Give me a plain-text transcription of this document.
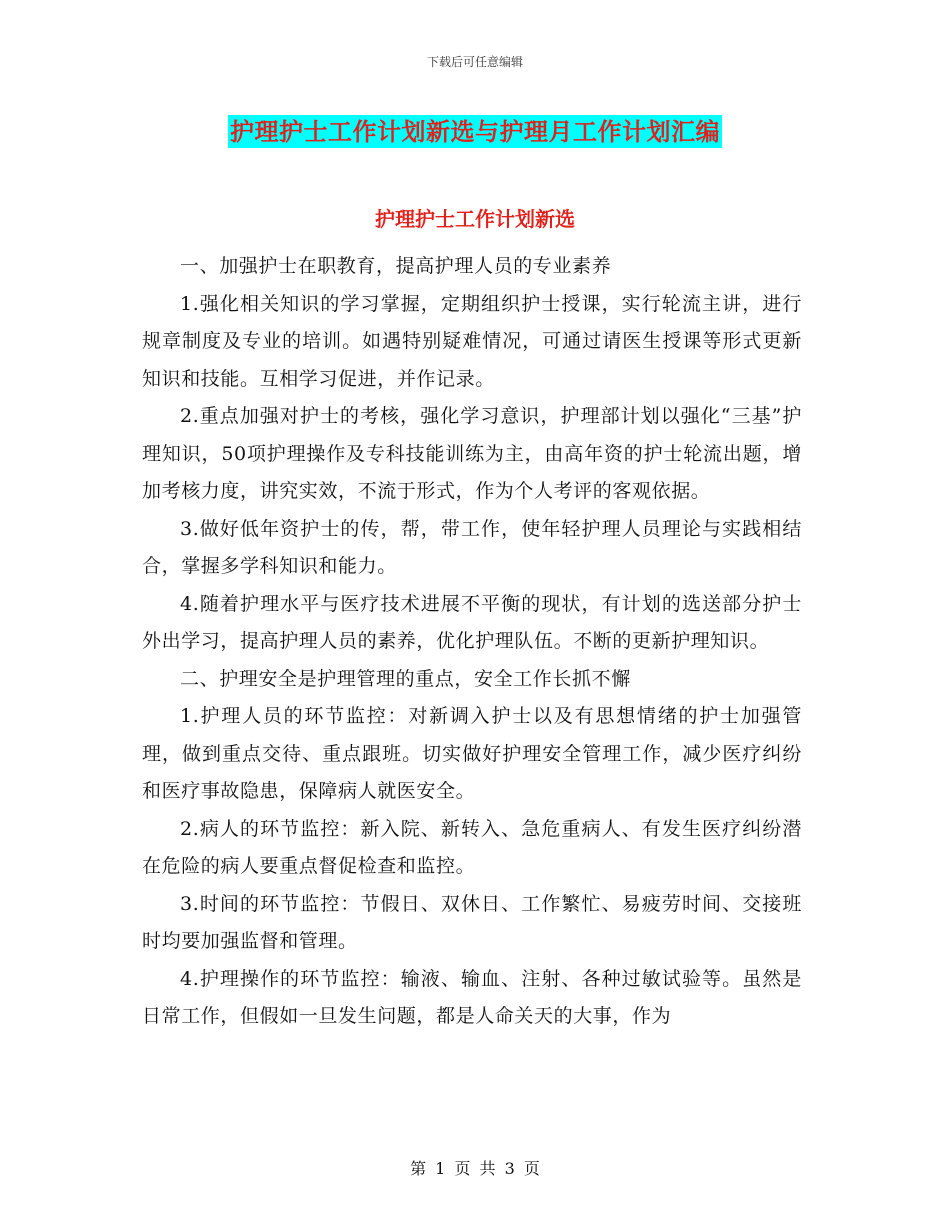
下载后可任意编辑
护理护士工作计划新选与护理月工作计划汇编
护理护士工作计划新选

一、加强护士在职教育，提高护理人员的专业素养

1.强化相关知识的学习掌握，定期组织护士授课，实行轮流主讲，进行规章制度及专业的培训。如遇特别疑难情况，可通过请医生授课等形式更新知识和技能。互相学习促进，并作记录。

2.重点加强对护士的考核，强化学习意识，护理部计划以强化“三基”护理知识，50项护理操作及专科技能训练为主，由高年资的护士轮流出题，增加考核力度，讲究实效，不流于形式，作为个人考评的客观依据。

3.做好低年资护士的传，帮，带工作，使年轻护理人员理论与实践相结合，掌握多学科知识和能力。

4.随着护理水平与医疗技术进展不平衡的现状，有计划的选送部分护士外出学习，提高护理人员的素养，优化护理队伍。不断的更新护理知识。

二、护理安全是护理管理的重点，安全工作长抓不懈

1.护理人员的环节监控：对新调入护士以及有思想情绪的护士加强管理，做到重点交待、重点跟班。切实做好护理安全管理工作，减少医疗纠纷和医疗事故隐患，保障病人就医安全。

2.病人的环节监控：新入院、新转入、急危重病人、有发生医疗纠纷潜在危险的病人要重点督促检查和监控。

3.时间的环节监控：节假日、双休日、工作繁忙、易疲劳时间、交接班时均要加强监督和管理。

4.护理操作的环节监控：输液、输血、注射、各种过敏试验等。虽然是日常工作，但假如一旦发生问题，都是人命关天的大事，作为

第 1 页 共 3 页
